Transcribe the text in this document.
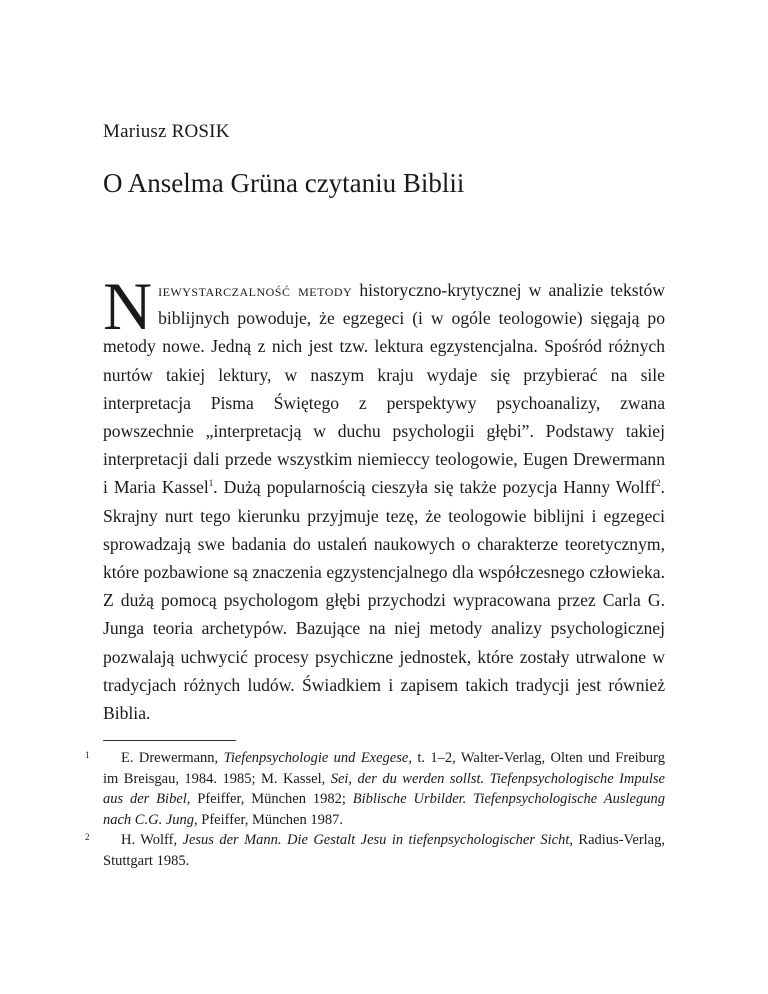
Mariusz ROSIK
O Anselma Grüna czytaniu Biblii

Niewystarczalność metody historyczno-krytycznej w analizie tekstów biblijnych powoduje, że egzegeci (i w ogóle teologowie) sięgają po metody nowe. Jedną z nich jest tzw. lektura egzystencjalna. Spośród różnych nurtów takiej lektury, w naszym kraju wydaje się przybierać na sile interpretacja Pisma Świętego z perspektywy psychoanalizy, zwana powszechnie „interpretacją w duchu psychologii głębi”. Podstawy takiej interpretacji dali przede wszystkim niemieccy teologowie, Eugen Drewermann i Maria Kassel$^1$. Dużą popularnością cieszyła się także pozycja Hanny Wolff$^2$. Skrajny nurt tego kierunku przyjmuje tezę, że teologowie biblijni i egzegeci sprowadzają swe badania do ustaleń naukowych o charakterze teoretycznym, które pozbawione są znaczenia egzystencjalnego dla współczesnego człowieka. Z dużą pomocą psychologom głębi przychodzi wypracowana przez Carla G. Junga teoria archetypów. Bazujące na niej metody analizy psychologicznej pozwalają uchwycić procesy psychiczne jednostek, które zostały utrwalone w tradycjach różnych ludów. Świadkiem i zapisem takich tradycji jest również Biblia.

1 E. Drewermann, Tiefenpsychologie und Exegese, t. 1–2, Walter-Verlag, Olten und Freiburg im Breisgau, 1984. 1985; M. Kassel, Sei, der du werden sollst. Tiefenpsychologische Impulse aus der Bibel, Pfeiffer, München 1982; Biblische Urbilder. Tiefenpsychologische Auslegung nach C.G. Jung, Pfeiffer, München 1987.

2 H. Wolff, Jesus der Mann. Die Gestalt Jesu in tiefenpsychologischer Sicht, Radius-Verlag, Stuttgart 1985.
